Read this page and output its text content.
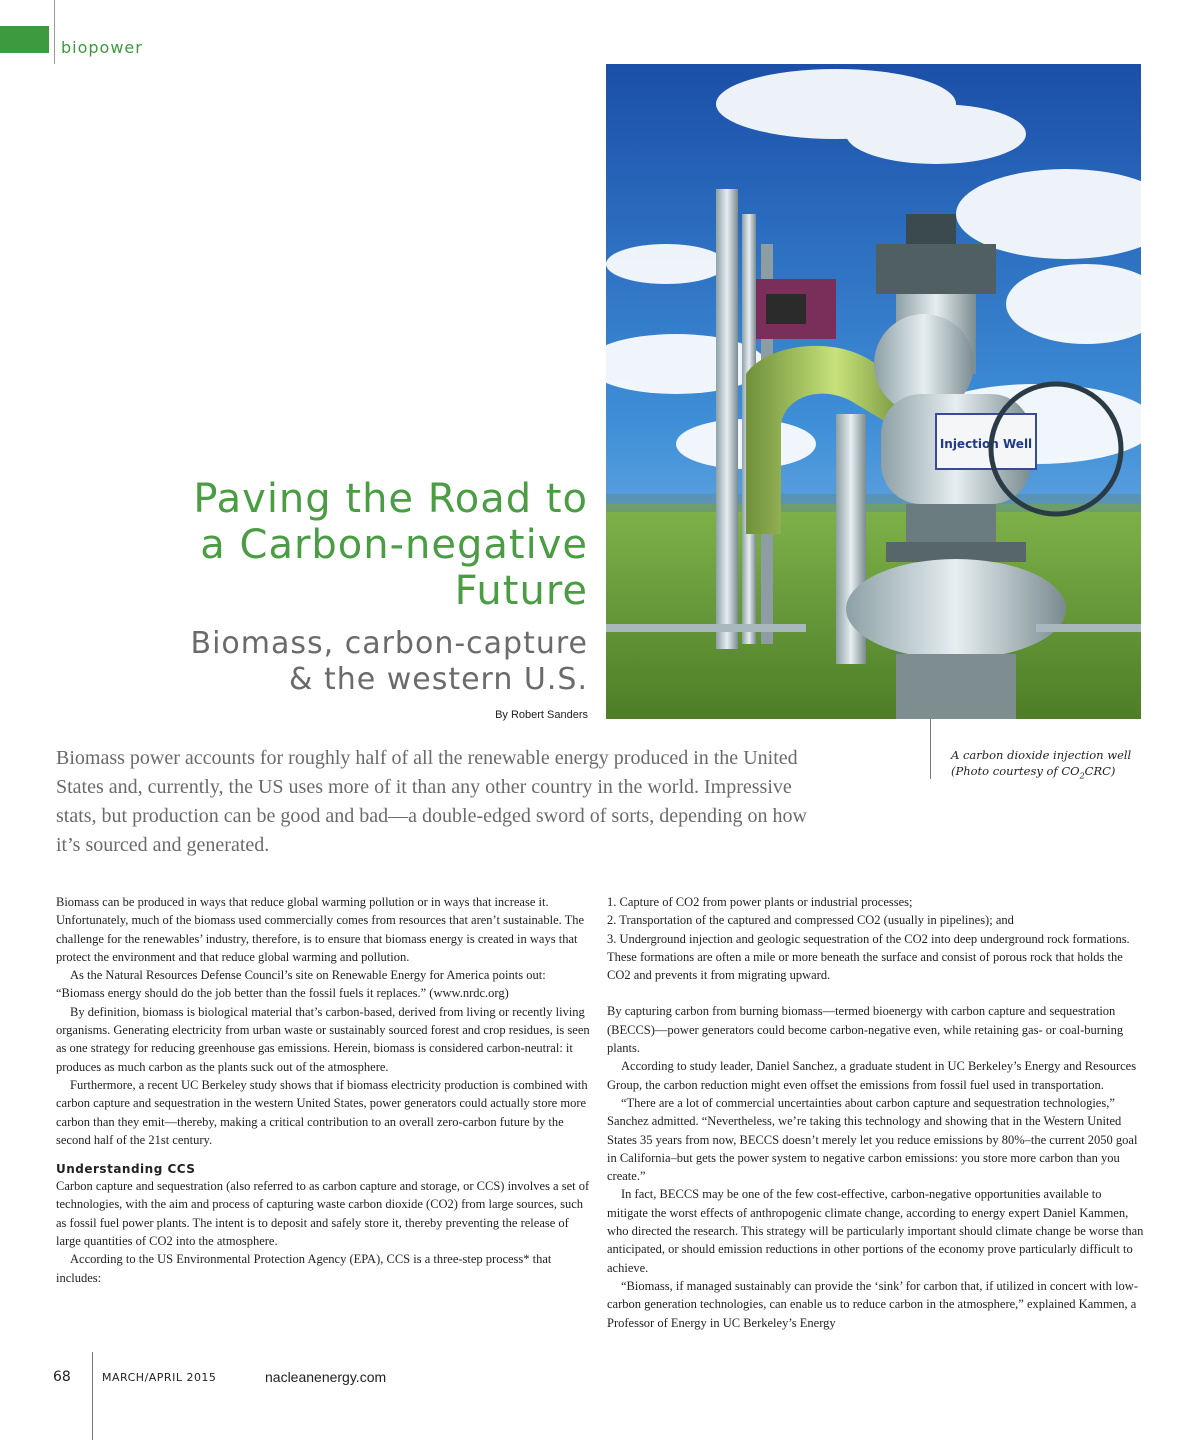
biopower
Injection Well
Paving the Road to
a Carbon-negative
Future
Biomass, carbon-capture
& the western U.S.
By Robert Sanders
A carbon dioxide injection well
(Photo courtesy of $CO_2CRC$)

Biomass power accounts for roughly half of all the renewable energy produced in the United States and, currently, the US uses more of it than any other country in the world. Impressive stats, but production can be good and bad—a double-edged sword of sorts, depending on how it’s sourced and generated.

Biomass can be produced in ways that reduce global warming pollution or in ways that increase it. Unfortunately, much of the biomass used commercially comes from resources that aren’t sustainable. The challenge for the renewables’ industry, therefore, is to ensure that biomass energy is created in ways that protect the environment and that reduce global warming and pollution.

As the Natural Resources Defense Council’s site on Renewable Energy for America points out: “Biomass energy should do the job better than the fossil fuels it replaces.” (www.nrdc.org)

By definition, biomass is biological material that’s carbon-based, derived from living or recently living organisms. Generating electricity from urban waste or sustainably sourced forest and crop residues, is seen as one strategy for reducing greenhouse gas emissions. Herein, biomass is considered carbon-neutral: it produces as much carbon as the plants suck out of the atmosphere.

Furthermore, a recent UC Berkeley study shows that if biomass electricity production is combined with carbon capture and sequestration in the western United States, power generators could actually store more carbon than they emit—thereby, making a critical contribution to an overall zero-carbon future by the second half of the 21st century.

Understanding CCS

Carbon capture and sequestration (also referred to as carbon capture and storage, or CCS) involves a set of technologies, with the aim and process of capturing waste carbon dioxide (CO2) from large sources, such as fossil fuel power plants. The intent is to deposit and safely store it, thereby preventing the release of large quantities of CO2 into the atmosphere.

According to the US Environmental Protection Agency (EPA), CCS is a three-step process* that includes:

1. Capture of CO2 from power plants or industrial processes;

2. Transportation of the captured and compressed CO2 (usually in pipelines); and

3. Underground injection and geologic sequestration of the CO2 into deep underground rock formations. These formations are often a mile or more beneath the surface and consist of porous rock that holds the CO2 and prevents it from migrating upward.

By capturing carbon from burning biomass—termed bioenergy with carbon capture and sequestration (BECCS)—power generators could become carbon-negative even, while retaining gas- or coal-burning plants.

According to study leader, Daniel Sanchez, a graduate student in UC Berkeley’s Energy and Resources Group, the carbon reduction might even offset the emissions from fossil fuel used in transportation.

“There are a lot of commercial uncertainties about carbon capture and sequestration technologies,” Sanchez admitted. “Nevertheless, we’re taking this technology and showing that in the Western United States 35 years from now, BECCS doesn’t merely let you reduce emissions by 80%–the current 2050 goal in California–but gets the power system to negative carbon emissions: you store more carbon than you create.”

In fact, BECCS may be one of the few cost-effective, carbon-negative opportunities available to mitigate the worst effects of anthropogenic climate change, according to energy expert Daniel Kammen, who directed the research. This strategy will be particularly important should climate change be worse than anticipated, or should emission reductions in other portions of the economy prove particularly difficult to achieve.

“Biomass, if managed sustainably can provide the ‘sink’ for carbon that, if utilized in concert with low-carbon generation technologies, can enable us to reduce carbon in the atmosphere,” explained Kammen, a Professor of Energy in UC Berkeley’s Energy

68	MARCH/APRIL 2015	nacleanenergy.com
